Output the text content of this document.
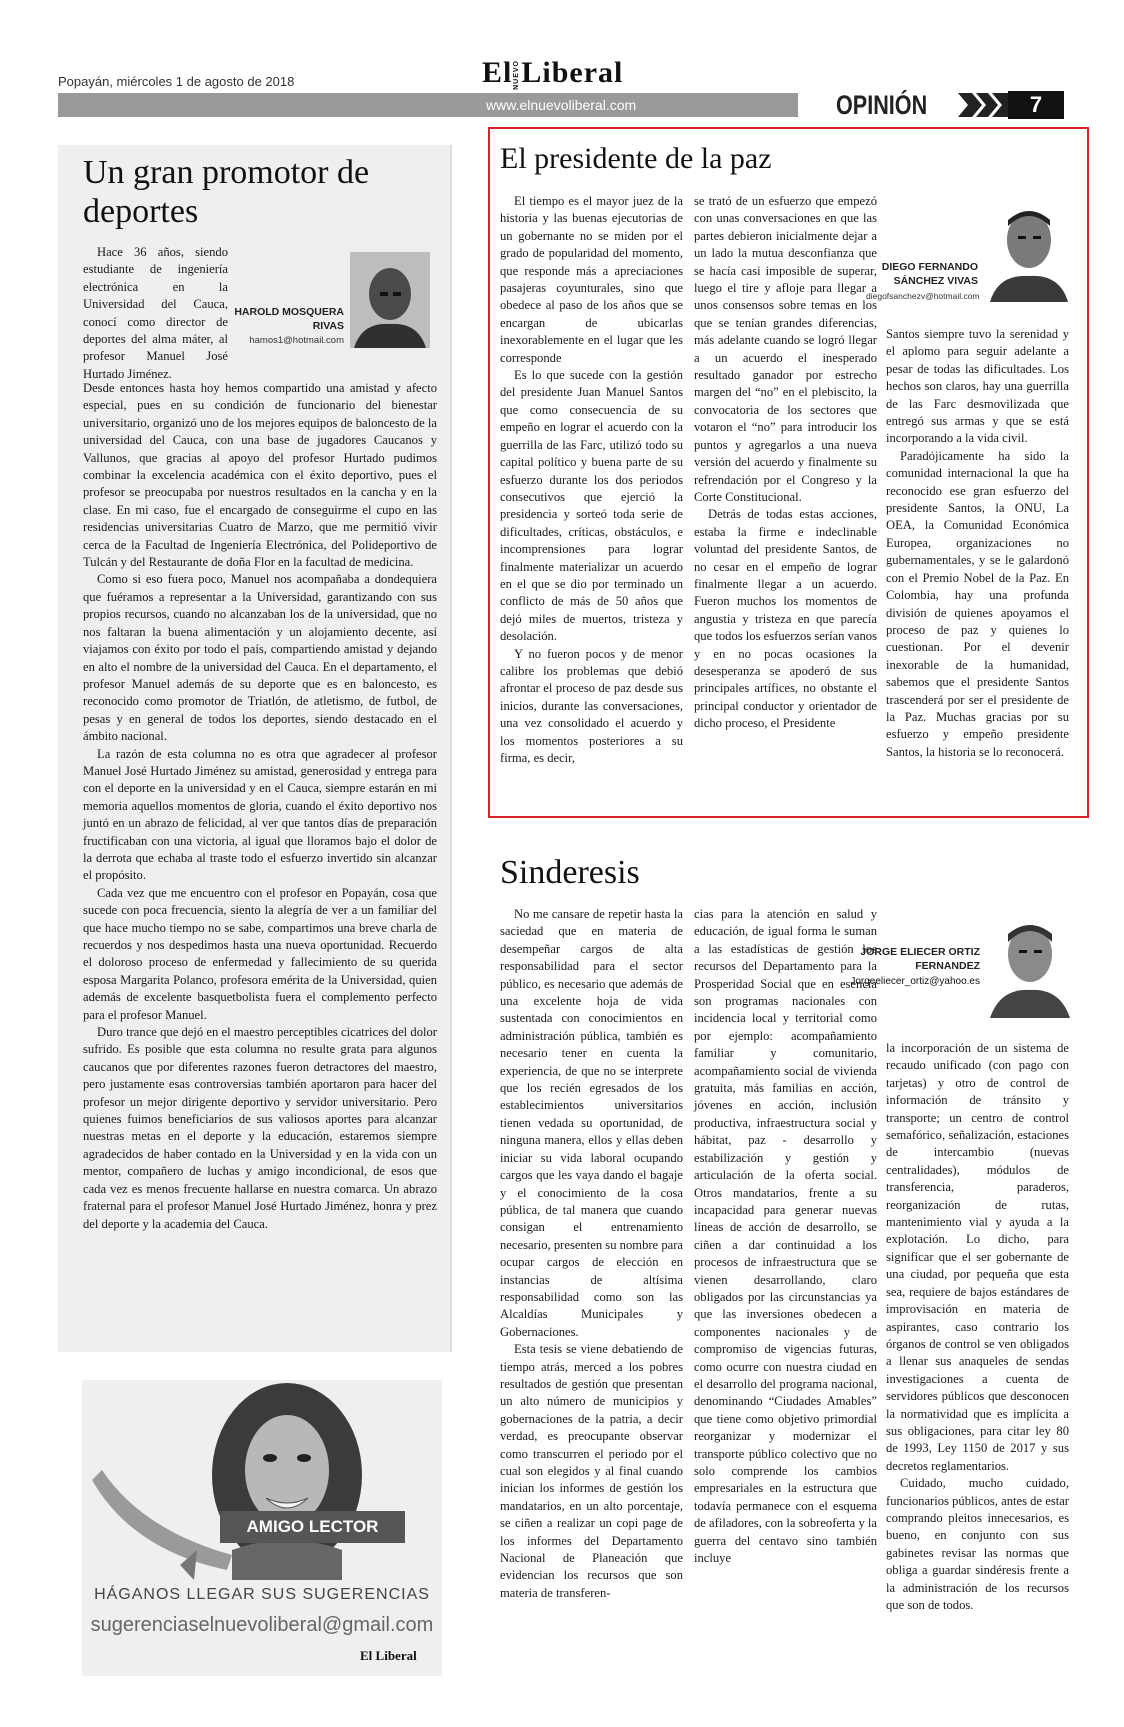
Popayán, miércoles 1 de agosto de 2018	ElNUEVOLiberal
www.elnuevoliberal.com	OPINIÓN	7
Un gran promotor de deportes

Hace 36 años, siendo estudiante de ingeniería electrónica en la Universidad del Cauca, conocí como director de deportes del alma máter, al profesor Manuel José Hurtado Jiménez.

HAROLD MOSQUERA RIVAS
hamos1@hotmail.com

Desde entonces hasta hoy hemos compartido una amistad y afecto especial, pues en su condición de funcionario del bienestar universitario, organizó uno de los mejores equipos de baloncesto de la universidad del Cauca, con una base de jugadores Caucanos y Vallunos, que gracias al apoyo del profesor Hurtado pudimos combinar la excelencia académica con el éxito deportivo, pues el profesor se preocupaba por nuestros resultados en la cancha y en la clase. En mi caso, fue el encargado de conseguirme el cupo en las residencias universitarias Cuatro de Marzo, que me permitió vivir cerca de la Facultad de Ingeniería Electrónica, del Polideportivo de Tulcán y del Restaurante de doña Flor en la facultad de medicina.

Como si eso fuera poco, Manuel nos acompañaba a dondequiera que fuéramos a representar a la Universidad, garantizando con sus propios recursos, cuando no alcanzaban los de la universidad, que no nos faltaran la buena alimentación y un alojamiento decente, así viajamos con éxito por todo el país, compartiendo amistad y dejando en alto el nombre de la universidad del Cauca. En el departamento, el profesor Manuel además de su deporte que es en baloncesto, es reconocido como promotor de Triatlón, de atletismo, de futbol, de pesas y en general de todos los deportes, siendo destacado en el ámbito nacional.

La razón de esta columna no es otra que agradecer al profesor Manuel José Hurtado Jiménez su amistad, generosidad y entrega para con el deporte en la universidad y en el Cauca, siempre estarán en mi memoria aquellos momentos de gloria, cuando el éxito deportivo nos juntó en un abrazo de felicidad, al ver que tantos días de preparación fructificaban con una victoria, al igual que lloramos bajo el dolor de la derrota que echaba al traste todo el esfuerzo invertido sin alcanzar el propósito.

Cada vez que me encuentro con el profesor en Popayán, cosa que sucede con poca frecuencia, siento la alegría de ver a un familiar del que hace mucho tiempo no se sabe, compartimos una breve charla de recuerdos y nos despedimos hasta una nueva oportunidad. Recuerdo el doloroso proceso de enfermedad y fallecimiento de su querida esposa Margarita Polanco, profesora emérita de la Universidad, quien además de excelente basquetbolista fuera el complemento perfecto para el profesor Manuel.

Duro trance que dejó en el maestro perceptibles cicatrices del dolor sufrido. Es posible que esta columna no resulte grata para algunos caucanos que por diferentes razones fueron detractores del maestro, pero justamente esas controversias también aportaron para hacer del profesor un mejor dirigente deportivo y servidor universitario. Pero quienes fuimos beneficiarios de sus valiosos aportes para alcanzar nuestras metas en el deporte y la educación, estaremos siempre agradecidos de haber contado en la Universidad y en la vida con un mentor, compañero de luchas y amigo incondicional, de esos que cada vez es menos frecuente hallarse en nuestra comarca. Un abrazo fraternal para el profesor Manuel José Hurtado Jiménez, honra y prez del deporte y la academia del Cauca.

El presidente de la paz

El tiempo es el mayor juez de la historia y las buenas ejecutorias de un gobernante no se miden por el grado de popularidad del momento, que responde más a apreciaciones pasajeras coyunturales, sino que obedece al paso de los años que se encargan de ubicarlas inexorablemente en el lugar que les corresponde

Es lo que sucede con la gestión del presidente Juan Manuel Santos que como consecuencia de su empeño en lograr el acuerdo con la guerrilla de las Farc, utilizó todo su capital político y buena parte de su esfuerzo durante los dos periodos consecutivos que ejerció la presidencia y sorteó toda serie de dificultades, críticas, obstáculos, e incomprensiones para lograr finalmente materializar un acuerdo en el que se dio por terminado un conflicto de más de 50 años que dejó miles de muertos, tristeza y desolación.

Y no fueron pocos y de menor calibre los problemas que debió afrontar el proceso de paz desde sus inicios, durante las conversaciones, una vez consolidado el acuerdo y los momentos posteriores a su firma, es decir,

se trató de un esfuerzo que empezó con unas conversaciones en que las partes debieron inicialmente dejar a un lado la mutua desconfianza que se hacía casi imposible de superar, luego el tire y afloje para llegar a unos consensos sobre temas en los que se tenían grandes diferencias, más adelante cuando se logró llegar a un acuerdo el inesperado resultado ganador por estrecho margen del “no” en el plebiscito, la convocatoria de los sectores que votaron el “no” para introducir los puntos y agregarlos a una nueva versión del acuerdo y finalmente su refrendación por el Congreso y la Corte Constitucional.

Detrás de todas estas acciones, estaba la firme e indeclinable voluntad del presidente Santos, de no cesar en el empeño de lograr finalmente llegar a un acuerdo. Fueron muchos los momentos de angustia y tristeza en que parecía que todos los esfuerzos serían vanos y en no pocas ocasiones la desesperanza se apoderó de sus principales artífices, no obstante el principal conductor y orientador de dicho proceso, el Presidente

DIEGO FERNANDO SÁNCHEZ VIVAS
diegofsanchezv@hotmail.com

Santos siempre tuvo la serenidad y el aplomo para seguir adelante a pesar de todas las dificultades. Los hechos son claros, hay una guerrilla de las Farc desmovilizada que entregó sus armas y que se está incorporando a la vida civil.

Paradójicamente ha sido la comunidad internacional la que ha reconocido ese gran esfuerzo del presidente Santos, la ONU, La OEA, la Comunidad Económica Europea, organizaciones no gubernamentales, y se le galardonó con el Premio Nobel de la Paz. En Colombia, hay una profunda división de quienes apoyamos el proceso de paz y quienes lo cuestionan. Por el devenir inexorable de la humanidad, sabemos que el presidente Santos trascenderá por ser el presidente de la Paz. Muchas gracias por su esfuerzo y empeño presidente Santos, la historia se lo reconocerá.

Sinderesis

No me cansare de repetir hasta la saciedad que en materia de desempeñar cargos de alta responsabilidad para el sector público, es necesario que además de una excelente hoja de vida sustentada con conocimientos en administración pública, también es necesario tener en cuenta la experiencia, de que no se interprete que los recién egresados de los establecimientos universitarios tienen vedada su oportunidad, de ninguna manera, ellos y ellas deben iniciar su vida laboral ocupando cargos que les vaya dando el bagaje y el conocimiento de la cosa pública, de tal manera que cuando consigan el entrenamiento necesario, presenten su nombre para ocupar cargos de elección en instancias de altísima responsabilidad como son las Alcaldías Municipales y Gobernaciones.

Esta tesis se viene debatiendo de tiempo atrás, merced a los pobres resultados de gestión que presentan un alto número de municipios y gobernaciones de la patria, a decir verdad, es preocupante observar como transcurren el periodo por el cual son elegidos y al final cuando inician los informes de gestión los mandatarios, en un alto porcentaje, se ciñen a realizar un copi page de los informes del Departamento Nacional de Planeación que evidencian los recursos que son materia de transferen-

cias para la atención en salud y educación, de igual forma le suman a las estadísticas de gestión los recursos del Departamento para la Prosperidad Social que en esencia son programas nacionales con incidencia local y territorial como por ejemplo: acompañamiento familiar y comunitario, acompañamiento social de vivienda gratuita, más familias en acción, jóvenes en acción, inclusión productiva, infraestructura social y hábitat, paz - desarrollo y estabilización y gestión y articulación de la oferta social. Otros mandatarios, frente a su incapacidad para generar nuevas líneas de acción de desarrollo, se ciñen a dar continuidad a los procesos de infraestructura que se vienen desarrollando, claro obligados por las circunstancias ya que las inversiones obedecen a componentes nacionales y de compromiso de vigencias futuras, como ocurre con nuestra ciudad en el desarrollo del programa nacional, denominando “Ciudades Amables” que tiene como objetivo primordial reorganizar y modernizar el transporte público colectivo que no solo comprende los cambios empresariales en la estructura que todavía permanece con el esquema de afiladores, con la sobreoferta y la guerra del centavo sino también incluye

JORGE ELIECER ORTIZ FERNANDEZ
Jorgeeliecer_ortiz@yahoo.es

la incorporación de un sistema de recaudo unificado (con pago con tarjetas) y otro de control de información de tránsito y transporte; un centro de control semafórico, señalización, estaciones de intercambio (nuevas centralidades), módulos de transferencia, paraderos, reorganización de rutas, mantenimiento vial y ayuda a la explotación. Lo dicho, para significar que el ser gobernante de una ciudad, por pequeña que esta sea, requiere de bajos estándares de improvisación en materia de aspirantes, caso contrario los órganos de control se ven obligados a llenar sus anaqueles de sendas investigaciones a cuenta de servidores públicos que desconocen la normatividad que es implícita a sus obligaciones, para citar ley 80 de 1993, Ley 1150 de 2017 y sus decretos reglamentarios.

Cuidado, mucho cuidado, funcionarios públicos, antes de estar comprando pleitos innecesarios, es bueno, en conjunto con sus gabinetes revisar las normas que obliga a guardar sindéresis frente a la administración de los recursos que son de todos.

AMIGO LECTOR
HÁGANOS LLEGAR SUS SUGERENCIAS
sugerenciaselnuevoliberal@gmail.com
El Liberal
